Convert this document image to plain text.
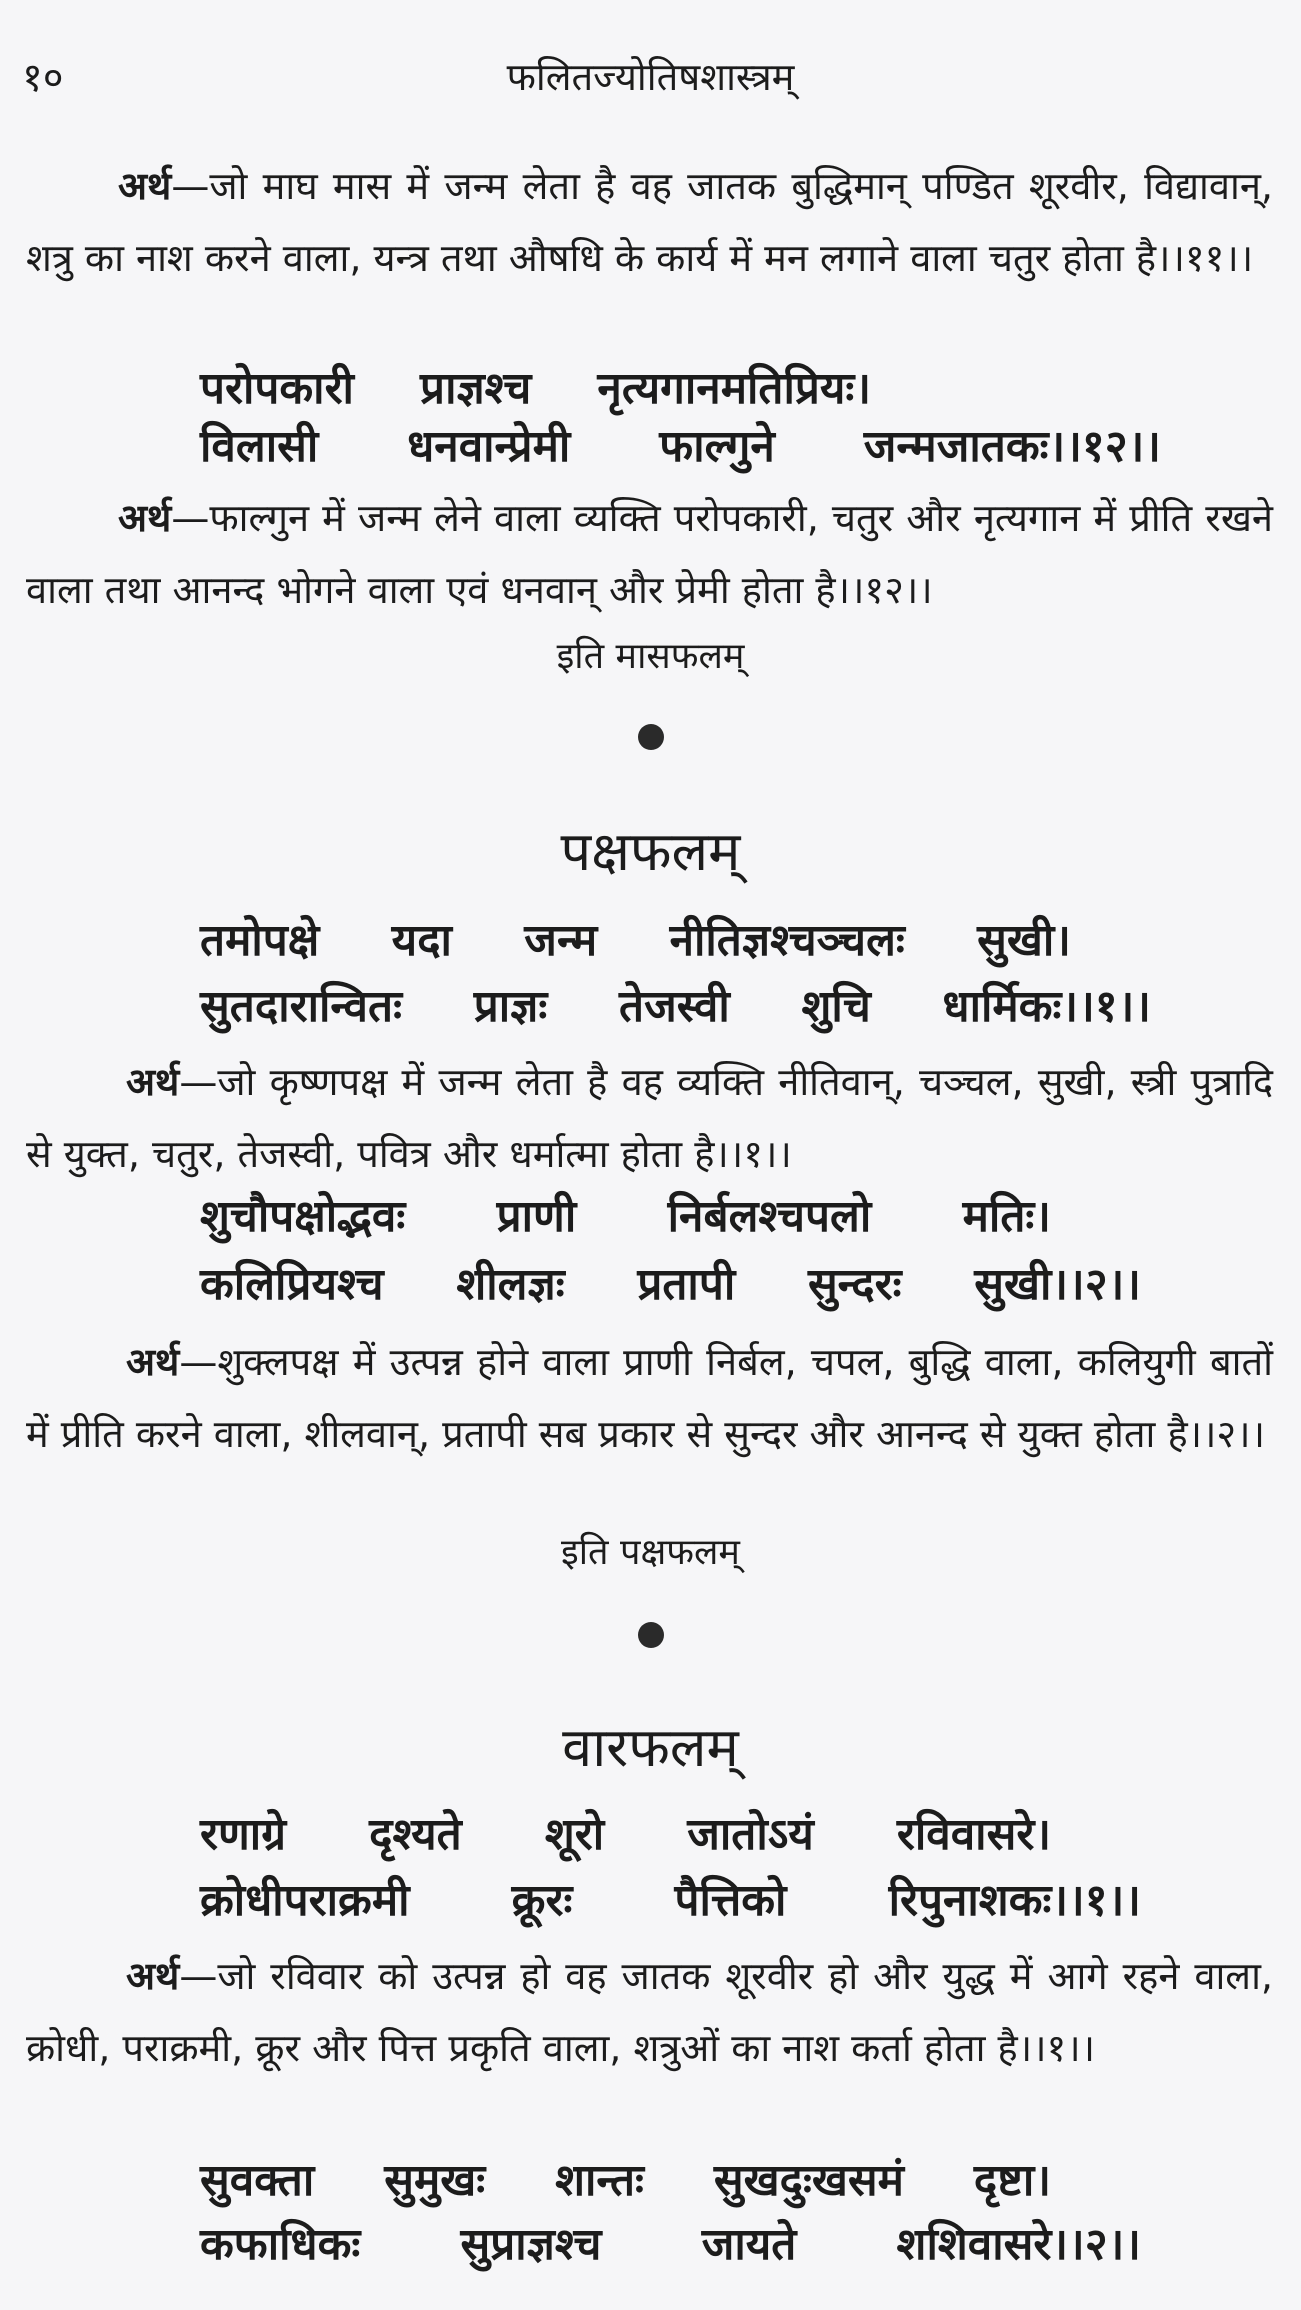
१०	फलितज्योतिषशास्त्रम्
अर्थ—जो माघ मास में जन्म लेता है वह जातक बुद्धिमान् पण्डित शूरवीर, विद्यावान्, शत्रु का नाश करने वाला, यन्त्र तथा औषधि के कार्य में मन लगाने वाला चतुर होता है।।११।।
परोपकारी प्राज्ञश्च नृत्यगानमतिप्रियः।
विलासी धनवान्प्रेमी फाल्गुने जन्मजातकः।।१२।।
अर्थ—फाल्गुन में जन्म लेने वाला व्यक्ति परोपकारी, चतुर और नृत्यगान में प्रीति रखने वाला तथा आनन्द भोगने वाला एवं धनवान् और प्रेमी होता है।।१२।।
इति मासफलम्
पक्षफलम्
तमोपक्षे यदा जन्म नीतिज्ञश्चञ्चलः सुखी।
सुतदारान्वितः प्राज्ञः तेजस्वी शुचि धार्मिकः।।१।।
अर्थ—जो कृष्णपक्ष में जन्म लेता है वह व्यक्ति नीतिवान्, चञ्चल, सुखी, स्त्री पुत्रादि से युक्त, चतुर, तेजस्वी, पवित्र और धर्मात्मा होता है।।१।।
शुचौपक्षोद्भवः प्राणी निर्बलश्चपलो मतिः।
कलिप्रियश्च शीलज्ञः प्रतापी सुन्दरः सुखी।।२।।
अर्थ—शुक्लपक्ष में उत्पन्न होने वाला प्राणी निर्बल, चपल, बुद्धि वाला, कलियुगी बातों में प्रीति करने वाला, शीलवान्, प्रतापी सब प्रकार से सुन्दर और आनन्द से युक्त होता है।।२।।
इति पक्षफलम्
वारफलम्
रणाग्रे दृश्यते शूरो जातोऽयं रविवासरे।
क्रोधीपराक्रमी क्रूरः पैत्तिको रिपुनाशकः।।१।।
अर्थ—जो रविवार को उत्पन्न हो वह जातक शूरवीर हो और युद्ध में आगे रहने वाला, क्रोधी, पराक्रमी, क्रूर और पित्त प्रकृति वाला, शत्रुओं का नाश कर्ता होता है।।१।।
सुवक्ता सुमुखः शान्तः सुखदुःखसमं दृष्टा।
कफाधिकः सुप्राज्ञश्च जायते शशिवासरे।।२।।
